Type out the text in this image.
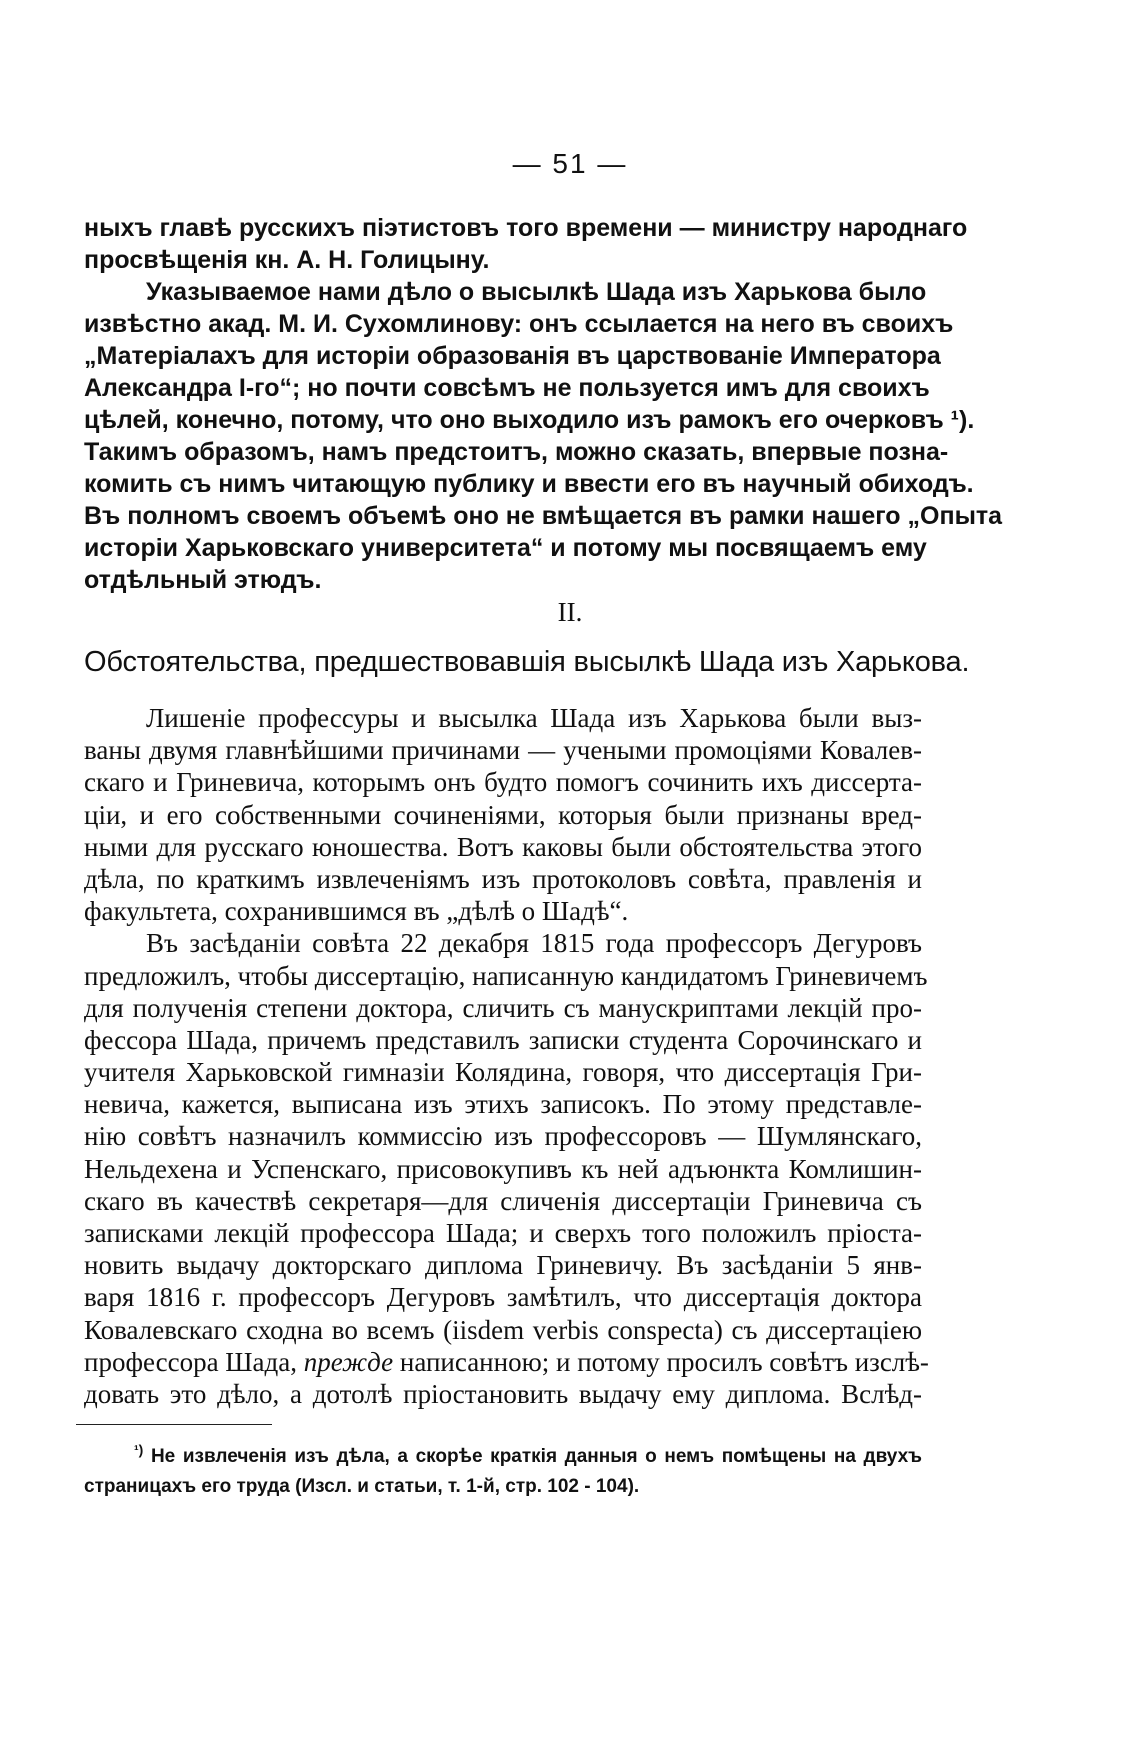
— 51 —
ныхъ главѣ русскихъ піэтистовъ того времени — министру народнаго
просвѣщенія кн. А. Н. Голицыну.
Указываемое нами дѣло о высылкѣ Шада изъ Харькова было
извѣстно акад. М. И. Сухомлинову: онъ ссылается на него въ своихъ
„Матеріалахъ для исторіи образованія въ царствованіе Императора
Александра I-го“; но почти совсѣмъ не пользуется имъ для своихъ
цѣлей, конечно, потому, что оно выходило изъ рамокъ его очерковъ ¹).
Такимъ образомъ, намъ предстоитъ, можно сказать, впервые позна-
комить съ нимъ читающую публику и ввести его въ научный обиходъ.
Въ полномъ своемъ объемѣ оно не вмѣщается въ рамки нашего „Опыта
исторіи Харьковскаго университета“ и потому мы посвящаемъ ему
отдѣльный этюдъ.
II.
Обстоятельства, предшествовавшія высылкѣ Шада изъ Харькова.
Лишеніе профессуры и высылка Шада изъ Харькова были выз-
ваны двумя главнѣйшими причинами — учеными промоціями Ковалев-
скаго и Гриневича, которымъ онъ будто помогъ сочинить ихъ диссерта-
ціи, и его собственными сочиненіями, которыя были признаны вред-
ными для русскаго юношества. Вотъ каковы были обстоятельства этого
дѣла, по краткимъ извлеченіямъ изъ протоколовъ совѣта, правленія и
факультета, сохранившимся въ „дѣлѣ о Шадѣ“.
Въ засѣданіи совѣта 22 декабря 1815 года профессоръ Дегуровъ
предложилъ, чтобы диссертацію, написанную кандидатомъ Гриневичемъ
для полученія степени доктора, сличить съ манускриптами лекцій про-
фессора Шада, причемъ представилъ записки студента Сорочинскаго и
учителя Харьковской гимназіи Колядина, говоря, что диссертація Гри-
невича, кажется, выписана изъ этихъ записокъ. По этому представле-
нію совѣтъ назначилъ коммиссію изъ профессоровъ — Шумлянскаго,
Нельдехена и Успенскаго, присовокупивъ къ ней адъюнкта Комлишин-
скаго въ качествѣ секретаря—для сличенія диссертаціи Гриневича съ
записками лекцій профессора Шада; и сверхъ того положилъ пріоста-
новить выдачу докторскаго диплома Гриневичу. Въ засѣданіи 5 янв-
варя 1816 г. профессоръ Дегуровъ замѣтилъ, что диссертація доктора
Ковалевскаго сходна во всемъ (iisdem verbis conspecta) съ диссертаціею
профессора Шада, прежде написанною; и потому просилъ совѣтъ изслѣ-
довать это дѣло, а дотолѣ пріостановить выдачу ему диплома. Вслѣд-
$^{^1)}$ Не извлеченія изъ дѣла, а скорѣе краткія данныя о немъ помѣщены на двухъ
страницахъ его труда (Изсл. и статьи, т. 1-й, стр. 102 - 104).
